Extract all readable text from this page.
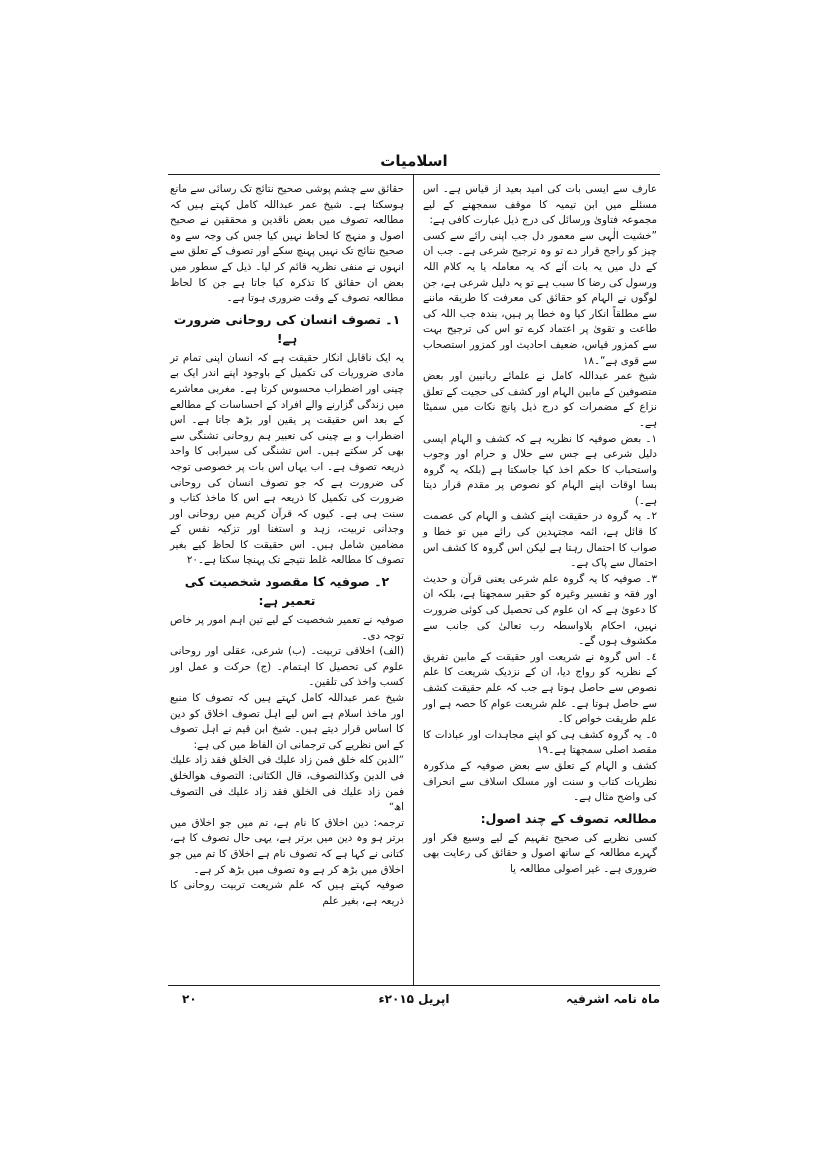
اسلامیات

عارف سے ایسی بات کی امید بعید از قیاس ہے۔ اس مسئلے میں ابن تیمیہ کا موقف سمجھنے کے لیے مجموعہ فتاویٰ ورسائل کی درج ذیل عبارت کافی ہے:

”خشیت الٰہی سے معمور دل جب اپنی رائے سے کسی چیز کو راجح قرار دے تو وہ ترجیح شرعی ہے۔ جب ان کے دل میں یہ بات آئے کہ یہ معاملہ یا یہ کلام اللہ ورسول کی رضا کا سبب ہے تو یہ دلیل شرعی ہے، جن لوگوں نے الہام کو حقائق کی معرفت کا طریقہ ماننے سے مطلقاً انکار کیا وہ خطا پر ہیں، بندہ جب اللہ کی طاعت و تقویٰ پر اعتماد کرے تو اس کی ترجیح بہت سے کمزور قیاس، ضعیف احادیث اور کمزور استصحاب سے قوی ہے“۔١٨

شیخ عمر عبداللہ کامل نے علمائے ربانیین اور بعض متصوفین کے مابین الہام اور کشف کی حجیت کے تعلق نزاع کے مضمرات کو درج ذیل پانچ نکات میں سمیٹا ہے۔

١۔ بعض صوفیہ کا نظریہ ہے کہ کشف و الہام ایسی دلیل شرعی ہے جس سے حلال و حرام اور وجوب واستحباب کا حکم اخذ کیا جاسکتا ہے (بلکہ یہ گروہ بسا اوقات اپنے الہام کو نصوص پر مقدم قرار دیتا ہے۔)

٢۔ یہ گروہ در حقیقت اپنے کشف و الہام کی عصمت کا قائل ہے، ائمہ مجتہدین کی رائے میں تو خطا و صواب کا احتمال رہتا ہے لیکن اس گروہ کا کشف اس احتمال سے پاک ہے۔

٣۔ صوفیہ کا یہ گروہ علم شرعی یعنی قرآن و حدیث اور فقہ و تفسیر وغیرہ کو حقیر سمجھتا ہے، بلکہ ان کا دعویٰ ہے کہ ان علوم کی تحصیل کی کوئی ضرورت نہیں، احکام بلاواسطہ رب تعالیٰ کی جانب سے مکشوف ہوں گے۔

٤۔ اس گروہ نے شریعت اور حقیقت کے مابین تفریق کے نظریہ کو رواج دیا، ان کے نزدیک شریعت کا علم نصوص سے حاصل ہوتا ہے جب کہ علم حقیقت کشف سے حاصل ہوتا ہے۔ علم شریعت عوام کا حصہ ہے اور علم طریقت خواص کا۔

٥۔ یہ گروہ کشف ہی کو اپنے مجاہدات اور عبادات کا مقصد اصلی سمجھتا ہے۔١٩

کشف و الہام کے تعلق سے بعض صوفیہ کے مذکورہ نظریات کتاب و سنت اور مسلک اسلاف سے انحراف کی واضح مثال ہے۔

مطالعہ تصوف کے چند اصول:

کسی نظریے کی صحیح تفہیم کے لیے وسیع فکر اور گہرے مطالعہ کے ساتھ اصول و حقائق کی رعایت بھی ضروری ہے۔ غیر اصولی مطالعہ یا

حقائق سے چشم پوشی صحیح نتائج تک رسائی سے مانع ہوسکتا ہے۔ شیخ عمر عبداللہ کامل کہتے ہیں کہ مطالعہ تصوف میں بعض ناقدین و محققین نے صحیح اصول و منہج کا لحاظ نہیں کیا جس کی وجہ سے وہ صحیح نتائج تک نہیں پہنچ سکے اور تصوف کے تعلق سے انہوں نے منفی نظریہ قائم کر لیا۔ ذیل کے سطور میں بعض ان حقائق کا تذکرہ کیا جاتا ہے جن کا لحاظ مطالعہ تصوف کے وقت ضروری ہوتا ہے۔

١۔ تصوف انسان کی روحانی ضرورت ہے!

یہ ایک ناقابل انکار حقیقت ہے کہ انسان اپنی تمام تر مادی ضروریات کی تکمیل کے باوجود اپنے اندر ایک بے چینی اور اضطراب محسوس کرتا ہے۔ مغربی معاشرے میں زندگی گزارنے والے افراد کے احساسات کے مطالعے کے بعد اس حقیقت پر یقین اور بڑھ جاتا ہے۔ اس اضطراب و بے چینی کی تعبیر ہم روحانی تشنگی سے بھی کر سکتے ہیں۔ اس تشنگی کی سیرابی کا واحد ذریعہ تصوف ہے۔ اب یہاں اس بات پر خصوصی توجہ کی ضرورت ہے کہ جو تصوف انسان کی روحانی ضرورت کی تکمیل کا ذریعہ ہے اس کا ماخذ کتاب و سنت ہی ہے۔ کیوں کہ قرآن کریم میں روحانی اور وجدانی تربیت، زہد و استغنا اور تزکیہ نفس کے مضامین شامل ہیں۔ اس حقیقت کا لحاظ کیے بغیر تصوف کا مطالعہ غلط نتیجے تک پہنچا سکتا ہے۔٢٠

٢۔ صوفیہ کا مقصود شخصیت کی تعمیر ہے:

صوفیہ نے تعمیر شخصیت کے لیے تین اہم امور پر خاص توجہ دی۔

(الف) اخلاقی تربیت۔ (ب) شرعی، عقلی اور روحانی علوم کی تحصیل کا اہتمام۔ (ج) حرکت و عمل اور کسب واخذ کی تلقین۔

شیخ عمر عبداللہ کامل کہتے ہیں کہ تصوف کا منبع اور ماخذ اسلام ہے اس لیے اہل تصوف اخلاق کو دین کا اساس قرار دیتے ہیں۔ شیخ ابن قیم نے اہل تصوف کے اس نظریے کی ترجمانی ان الفاظ میں کی ہے:

”الدین کله خلق فمن زاد علیك فی الخلق فقد زاد علیك فی الدین وکذالتصوف، قال الکتانی: التصوف هوالخلق فمن زاد علیك فی الخلق فقد زاد علیك فی التصوف اھ“

ترجمہ: دین اخلاق کا نام ہے، تم میں جو اخلاق میں برتر ہو وہ دین میں برتر ہے، یہی حال تصوف کا ہے، کتانی نے کہا ہے کہ تصوف نام ہے اخلاق کا تم میں جو اخلاق میں بڑھ کر ہے وہ تصوف میں بڑھ کر ہے۔

صوفیہ کہتے ہیں کہ علم شریعت تربیت روحانی کا ذریعہ ہے، بغیر علم

ماہ نامہ اشرفیہ
اپریل ۲۰۱۵ء
٢٠
